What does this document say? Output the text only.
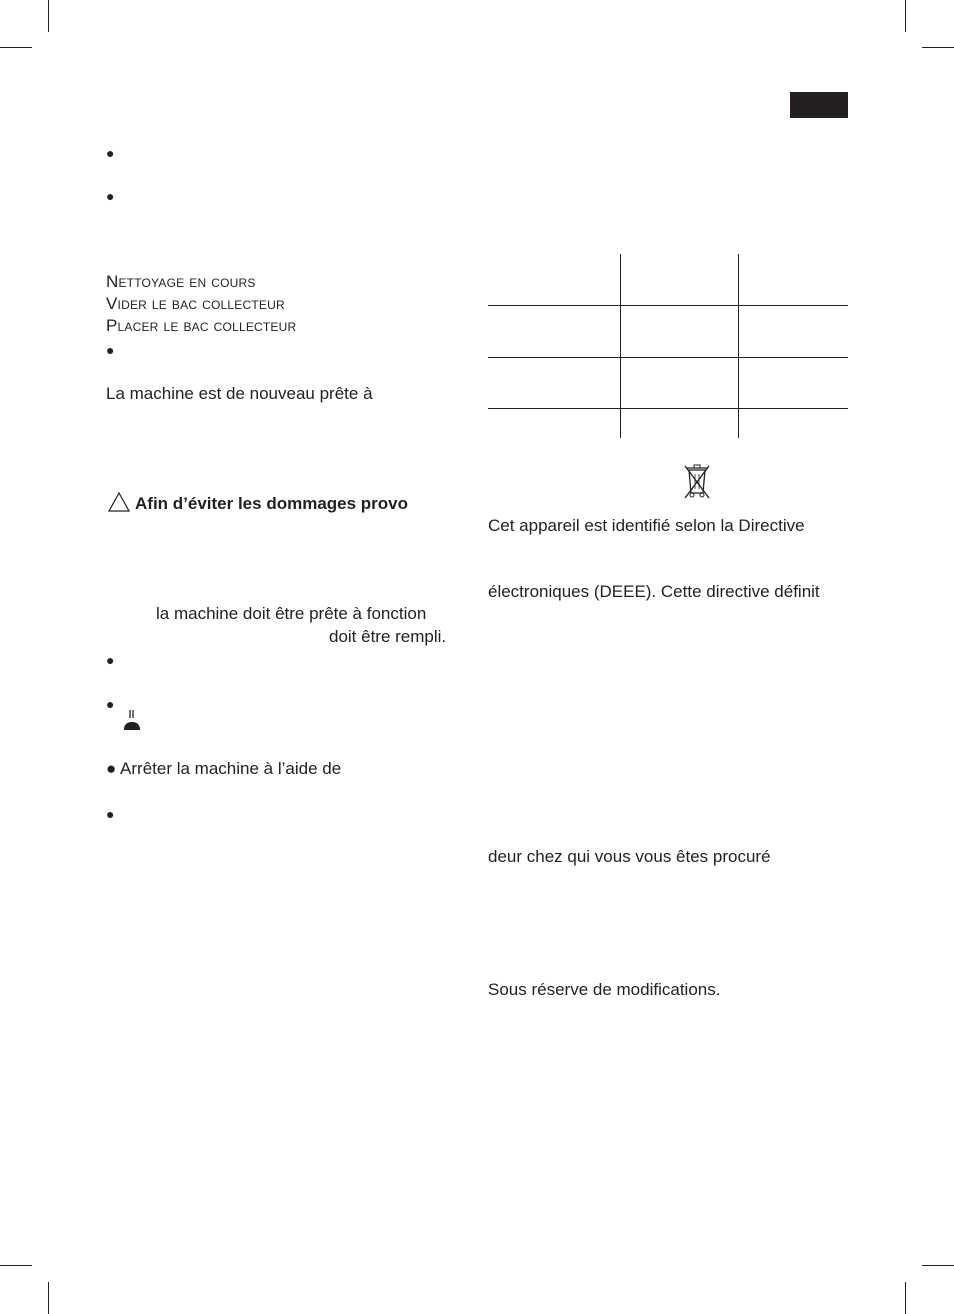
●
●
Nettoyage en cours
Vider le bac collecteur
Placer le bac collecteur
●
La machine est de nouveau prête à
Afin d’éviter les dommages provo
la machine doit être prête à fonction
doit être rempli.
●
●
● Arrêter la machine à l’aide de
●
Cet appareil est identifié selon la Directive
électroniques (DEEE). Cette directive définit
deur chez qui vous vous êtes procuré
Sous réserve de modifications.
